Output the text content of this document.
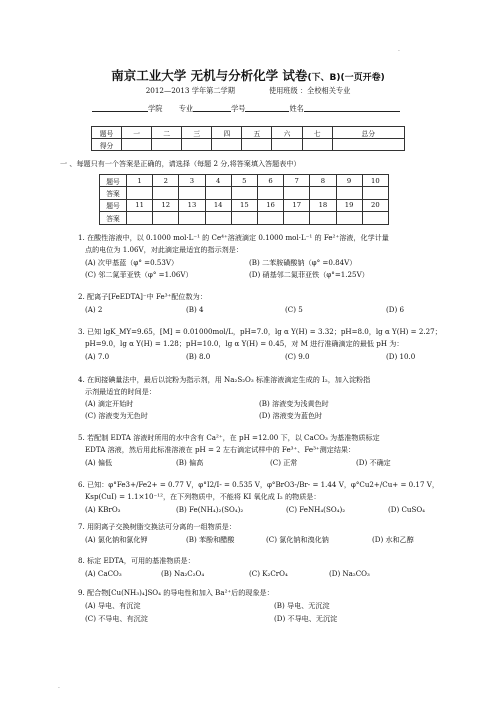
.
.
南京工业大学 无机与分析化学 试卷(下、B)(一页开卷)
2012—2013 学年第二学期	使用班级 ：全校相关专业
学院 专业	学号	姓名
题号	一	二	三	四	五	六	七	总分
得分								
一 、每题只有一个答案是正确的，请选择（每题 2 分,将答案填入答题表中）
题号	1	2	3	4	5	6	7	8	9	10
答案										
题号	11	12	13	14	15	16	17	18	19	20
答案										
1. 在酸性溶液中，以 0.1000 mol·L⁻¹ 的 Ce⁴⁺溶液滴定 0.1000 mol·L⁻¹ 的 Fe²⁺溶液，化学计量
点的电位为 1.06V，对此滴定最适宜的指示剂是：
(A) 次甲基蓝（φ° =0.53V）	(B) 二苯胺磺酸钠（φ° =0.84V）
(C) 邻二氮菲亚铁（φ° =1.06V）	(D) 硝基邻二氮菲亚铁（φ°=1.25V）
2. 配离子[FeEDTA]⁻中 Fe³⁺配位数为：
(A) 2	(B) 4	(C) 5	(D) 6
3. 已知 lgK_MY=9.65，[M] = 0.01000mol/L，pH=7.0，lg α Y(H) = 3.32；pH=8.0，lg α Y(H) = 2.27；
pH=9.0，lg α Y(H) = 1.28；pH=10.0，lg α Y(H) = 0.45，对 M 进行准确滴定的最低 pH 为：
(A) 7.0	(B) 8.0	(C) 9.0	(D) 10.0
4. 在间接碘量法中，最后以淀粉为指示剂，用 Na₂S₂O₃ 标准溶液滴定生成的 I₂，加入淀粉指
示剂最适宜的时间是：
(A) 滴定开始时	(B) 溶液变为浅黄色时
(C) 溶液变为无色时	(D) 溶液变为蓝色时
5. 若配制 EDTA 溶液时所用的水中含有 Ca²⁺，在 pH =12.00 下，以 CaCO₃ 为基准物质标定
EDTA 溶液，然后用此标准溶液在 pH = 2 左右滴定试样中的 Fe³⁺、Fe³⁺测定结果：
(A) 偏低	(B) 偏高	(C) 正常	(D) 不确定
6. 已知：φ°Fe3+/Fe2+ = 0.77 V，φ°I2/I- = 0.535 V，φ°BrO3-/Br- = 1.44 V，φ°Cu2+/Cu+ = 0.17 V，
Ksp(CuI) = 1.1×10⁻¹²，在下列物质中，不能将 KI 氧化成 I₂ 的物质是：
(A) KBrO₃	(B) Fe(NH₄)₂(SO₄)₂	(C) FeNH₄(SO₄)₂	(D) CuSO₄
7. 用阴离子交换树脂交换法可分离的一组物质是：
(A) 氯化钠和氯化钾	(B) 苯酚和醋酸	(C) 氯化钠和溴化钠	(D) 水和乙醇
8. 标定 EDTA，可用的基准物质是：
(A) CaCO₃	(B) Na₂C₂O₄	(C) K₂CrO₄	(D) Na₂CO₃
9. 配合物[Cu(NH₃)₄]SO₄ 的导电性和加入 Ba²⁺后的现象是：
(A) 导电、有沉淀	(B) 导电、无沉淀
(C) 不导电、有沉淀	(D) 不导电、无沉淀
